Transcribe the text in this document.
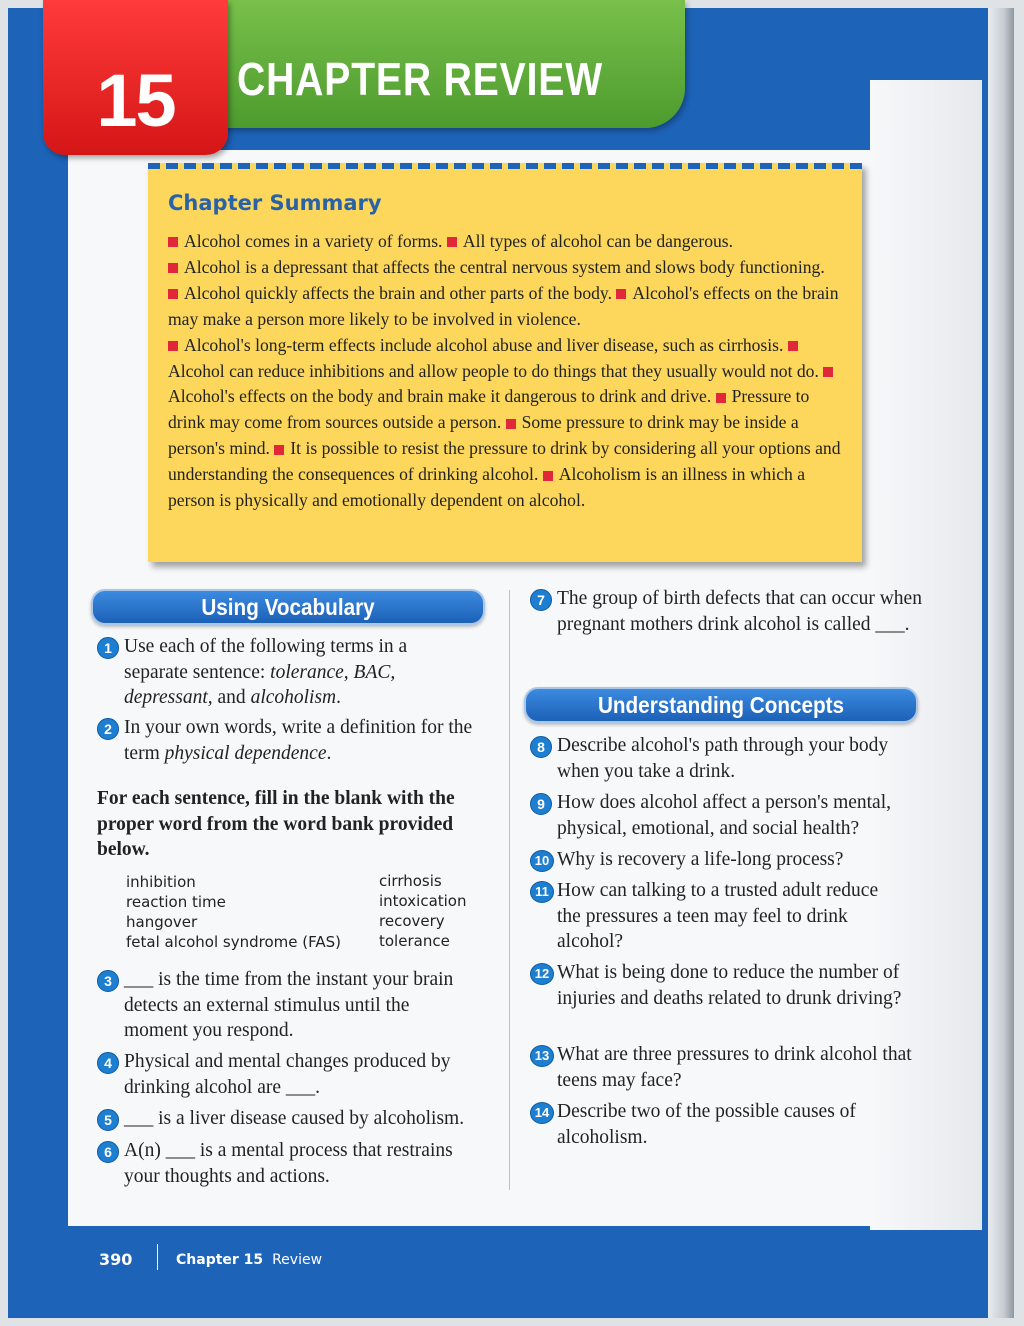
CHAPTER REVIEW
15
Chapter Summary
Alcohol comes in a variety of forms. All types of alcohol can be dangerous.
Alcohol is a depressant that affects the central nervous system and slows body functioning. Alcohol quickly affects the brain and other parts of the body. Alcohol's effects on the brain may make a person more likely to be involved in violence.
Alcohol's long-term effects include alcohol abuse and liver disease, such as cirrhosis. Alcohol can reduce inhibitions and allow people to do things that they usually would not do. Alcohol's effects on the body and brain make it dangerous to drink and drive. Pressure to drink may come from sources outside a person. Some pressure to drink may be inside a person's mind. It is possible to resist the pressure to drink by considering all your options and understanding the consequences of drinking alcohol. Alcoholism is an illness in which a person is physically and emotionally dependent on alcohol.
Using Vocabulary
1 Use each of the following terms in a separate sentence: tolerance, BAC, depressant, and alcoholism.
2 In your own words, write a definition for the term physical dependence.
For each sentence, fill in the blank with the proper word from the word bank provided below.
inhibition
reaction time
hangover
fetal alcohol syndrome (FAS)
cirrhosis
intoxication
recovery
tolerance
3 ___ is the time from the instant your brain detects an external stimulus until the moment you respond.
4 Physical and mental changes produced by drinking alcohol are ___.
5 ___ is a liver disease caused by alcoholism.
6 A(n) ___ is a mental process that restrains your thoughts and actions.
7 The group of birth defects that can occur when pregnant mothers drink alcohol is called ___.
Understanding Concepts
8 Describe alcohol's path through your body when you take a drink.
9 How does alcohol affect a person's mental, physical, emotional, and social health?
10 Why is recovery a life-long process?
11 How can talking to a trusted adult reduce the pressures a teen may feel to drink alcohol?
12 What is being done to reduce the number of injuries and deaths related to drunk driving?
13 What are three pressures to drink alcohol that teens may face?
14 Describe two of the possible causes of alcoholism.
390	Chapter 15 Review
